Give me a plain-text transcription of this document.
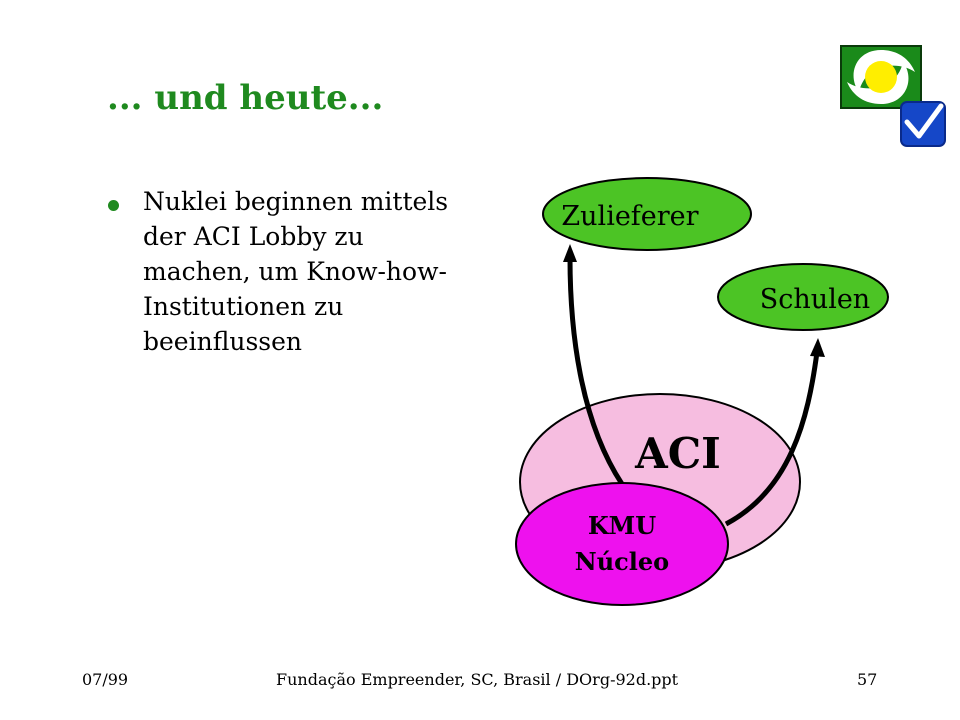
... und heute...
Nuklei beginnen mittels der ACI Lobby zu machen, um Know-how-Institutionen zu beeinflussen
ACI
Zulieferer
Schulen
KMU
Núcleo
07/99	Fundação Empreender, SC, Brasil / DOrg-92d.ppt	57
